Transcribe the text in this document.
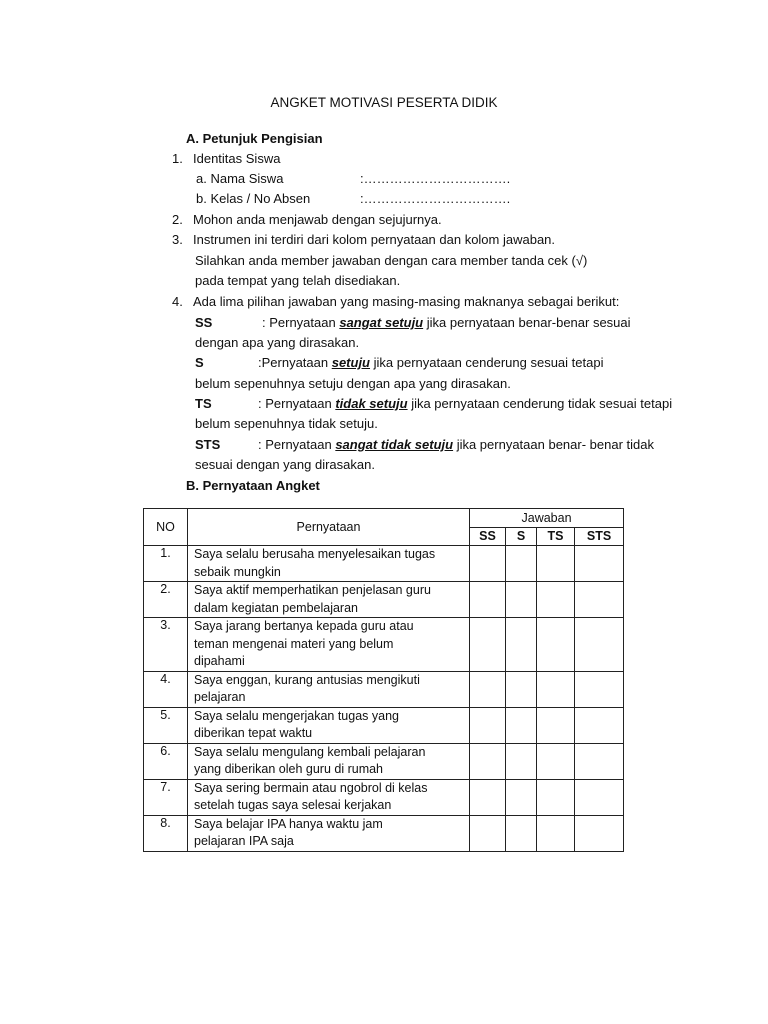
ANGKET MOTIVASI PESERTA DIDIK
A. Petunjuk Pengisian
1. Identitas Siswa
a. Nama Siswa	:…………………………….
b. Kelas / No Absen	:…………………………….
2. Mohon anda menjawab dengan sejujurnya.
3. Instrumen ini terdiri dari kolom pernyataan dan kolom jawaban.
Silahkan anda member jawaban dengan cara member tanda cek (√)
pada tempat yang telah disediakan.
4. Ada lima pilihan jawaban yang masing-masing maknanya sebagai berikut:
SS	: Pernyataan sangat setuju jika pernyataan benar-benar sesuai
dengan apa yang dirasakan.
S	:Pernyataan setuju jika pernyataan cenderung sesuai tetapi
belum sepenuhnya setuju dengan apa yang dirasakan.
TS	: Pernyataan tidak setuju jika pernyataan cenderung tidak sesuai tetapi
belum sepenuhnya tidak setuju.
STS	: Pernyataan sangat tidak setuju jika pernyataan benar- benar tidak
sesuai dengan yang dirasakan.
B. Pernyataan Angket
NO	Pernyataan	Jawaban			
		SS	S	TS	STS
1.	Saya selalu berusaha menyelesaikan tugas
sebaik mungkin				

2.	Saya aktif memperhatikan penjelasan guru
dalam kegiatan pembelajaran				

3.	Saya jarang bertanya kepada guru atau
teman mengenai materi yang belum
dipahami				

4.	Saya enggan, kurang antusias mengikuti
pelajaran				

5.	Saya selalu mengerjakan tugas yang
diberikan tepat waktu				

6.	Saya selalu mengulang kembali pelajaran
yang diberikan oleh guru di rumah				

7.	Saya sering bermain atau ngobrol di kelas
setelah tugas saya selesai kerjakan				

8.	Saya belajar IPA hanya waktu jam
pelajaran IPA saja				
